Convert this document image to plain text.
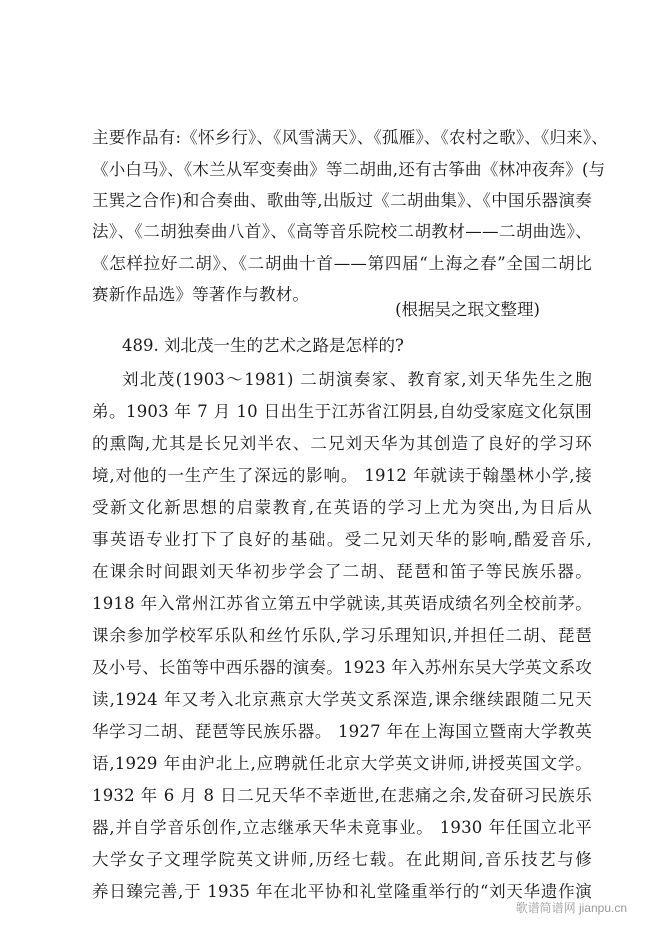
主要作品有:《怀乡行》、《风雪满天》、《孤雁》、《农村之歌》、《归来》、
《小白马》、《木兰从军变奏曲》等二胡曲,还有古筝曲《林冲夜奔》(与
王巽之合作)和合奏曲、歌曲等,出版过《二胡曲集》、《中国乐器演奏
法》、《二胡独奏曲八首》、《高等音乐院校二胡教材——二胡曲选》、
《怎样拉好二胡》、《二胡曲十首——第四届“上海之春”全国二胡比
赛新作品选》等著作与教材。
(根据吴之珉文整理)
489. 刘北茂一生的艺术之路是怎样的?
刘北茂(1903～1981) 二胡演奏家、教育家,刘天华先生之胞
弟。1903 年 7 月 10 日出生于江苏省江阴县,自幼受家庭文化氛围
的熏陶,尤其是长兄刘半农、二兄刘天华为其创造了良好的学习环
境,对他的一生产生了深远的影响。 1912 年就读于翰墨林小学,接
受新文化新思想的启蒙教育,在英语的学习上尤为突出,为日后从
事英语专业打下了良好的基础。受二兄刘天华的影响,酷爱音乐,
在课余时间跟刘天华初步学会了二胡、琵琶和笛子等民族乐器。
1918 年入常州江苏省立第五中学就读,其英语成绩名列全校前茅。
课余参加学校军乐队和丝竹乐队,学习乐理知识,并担任二胡、琵琶
及小号、长笛等中西乐器的演奏。1923 年入苏州东吴大学英文系攻
读,1924 年又考入北京燕京大学英文系深造,课余继续跟随二兄天
华学习二胡、琵琶等民族乐器。 1927 年在上海国立暨南大学教英
语,1929 年由沪北上,应聘就任北京大学英文讲师,讲授英国文学。
1932 年 6 月 8 日二兄天华不幸逝世,在悲痛之余,发奋研习民族乐
器,并自学音乐创作,立志继承天华未竟事业。 1930 年任国立北平
大学女子文理学院英文讲师,历经七载。在此期间,音乐技艺与修
养日臻完善,于 1935 年在北平协和礼堂隆重举行的“刘天华遗作演
歌谱简谱网 jianpu.cn
